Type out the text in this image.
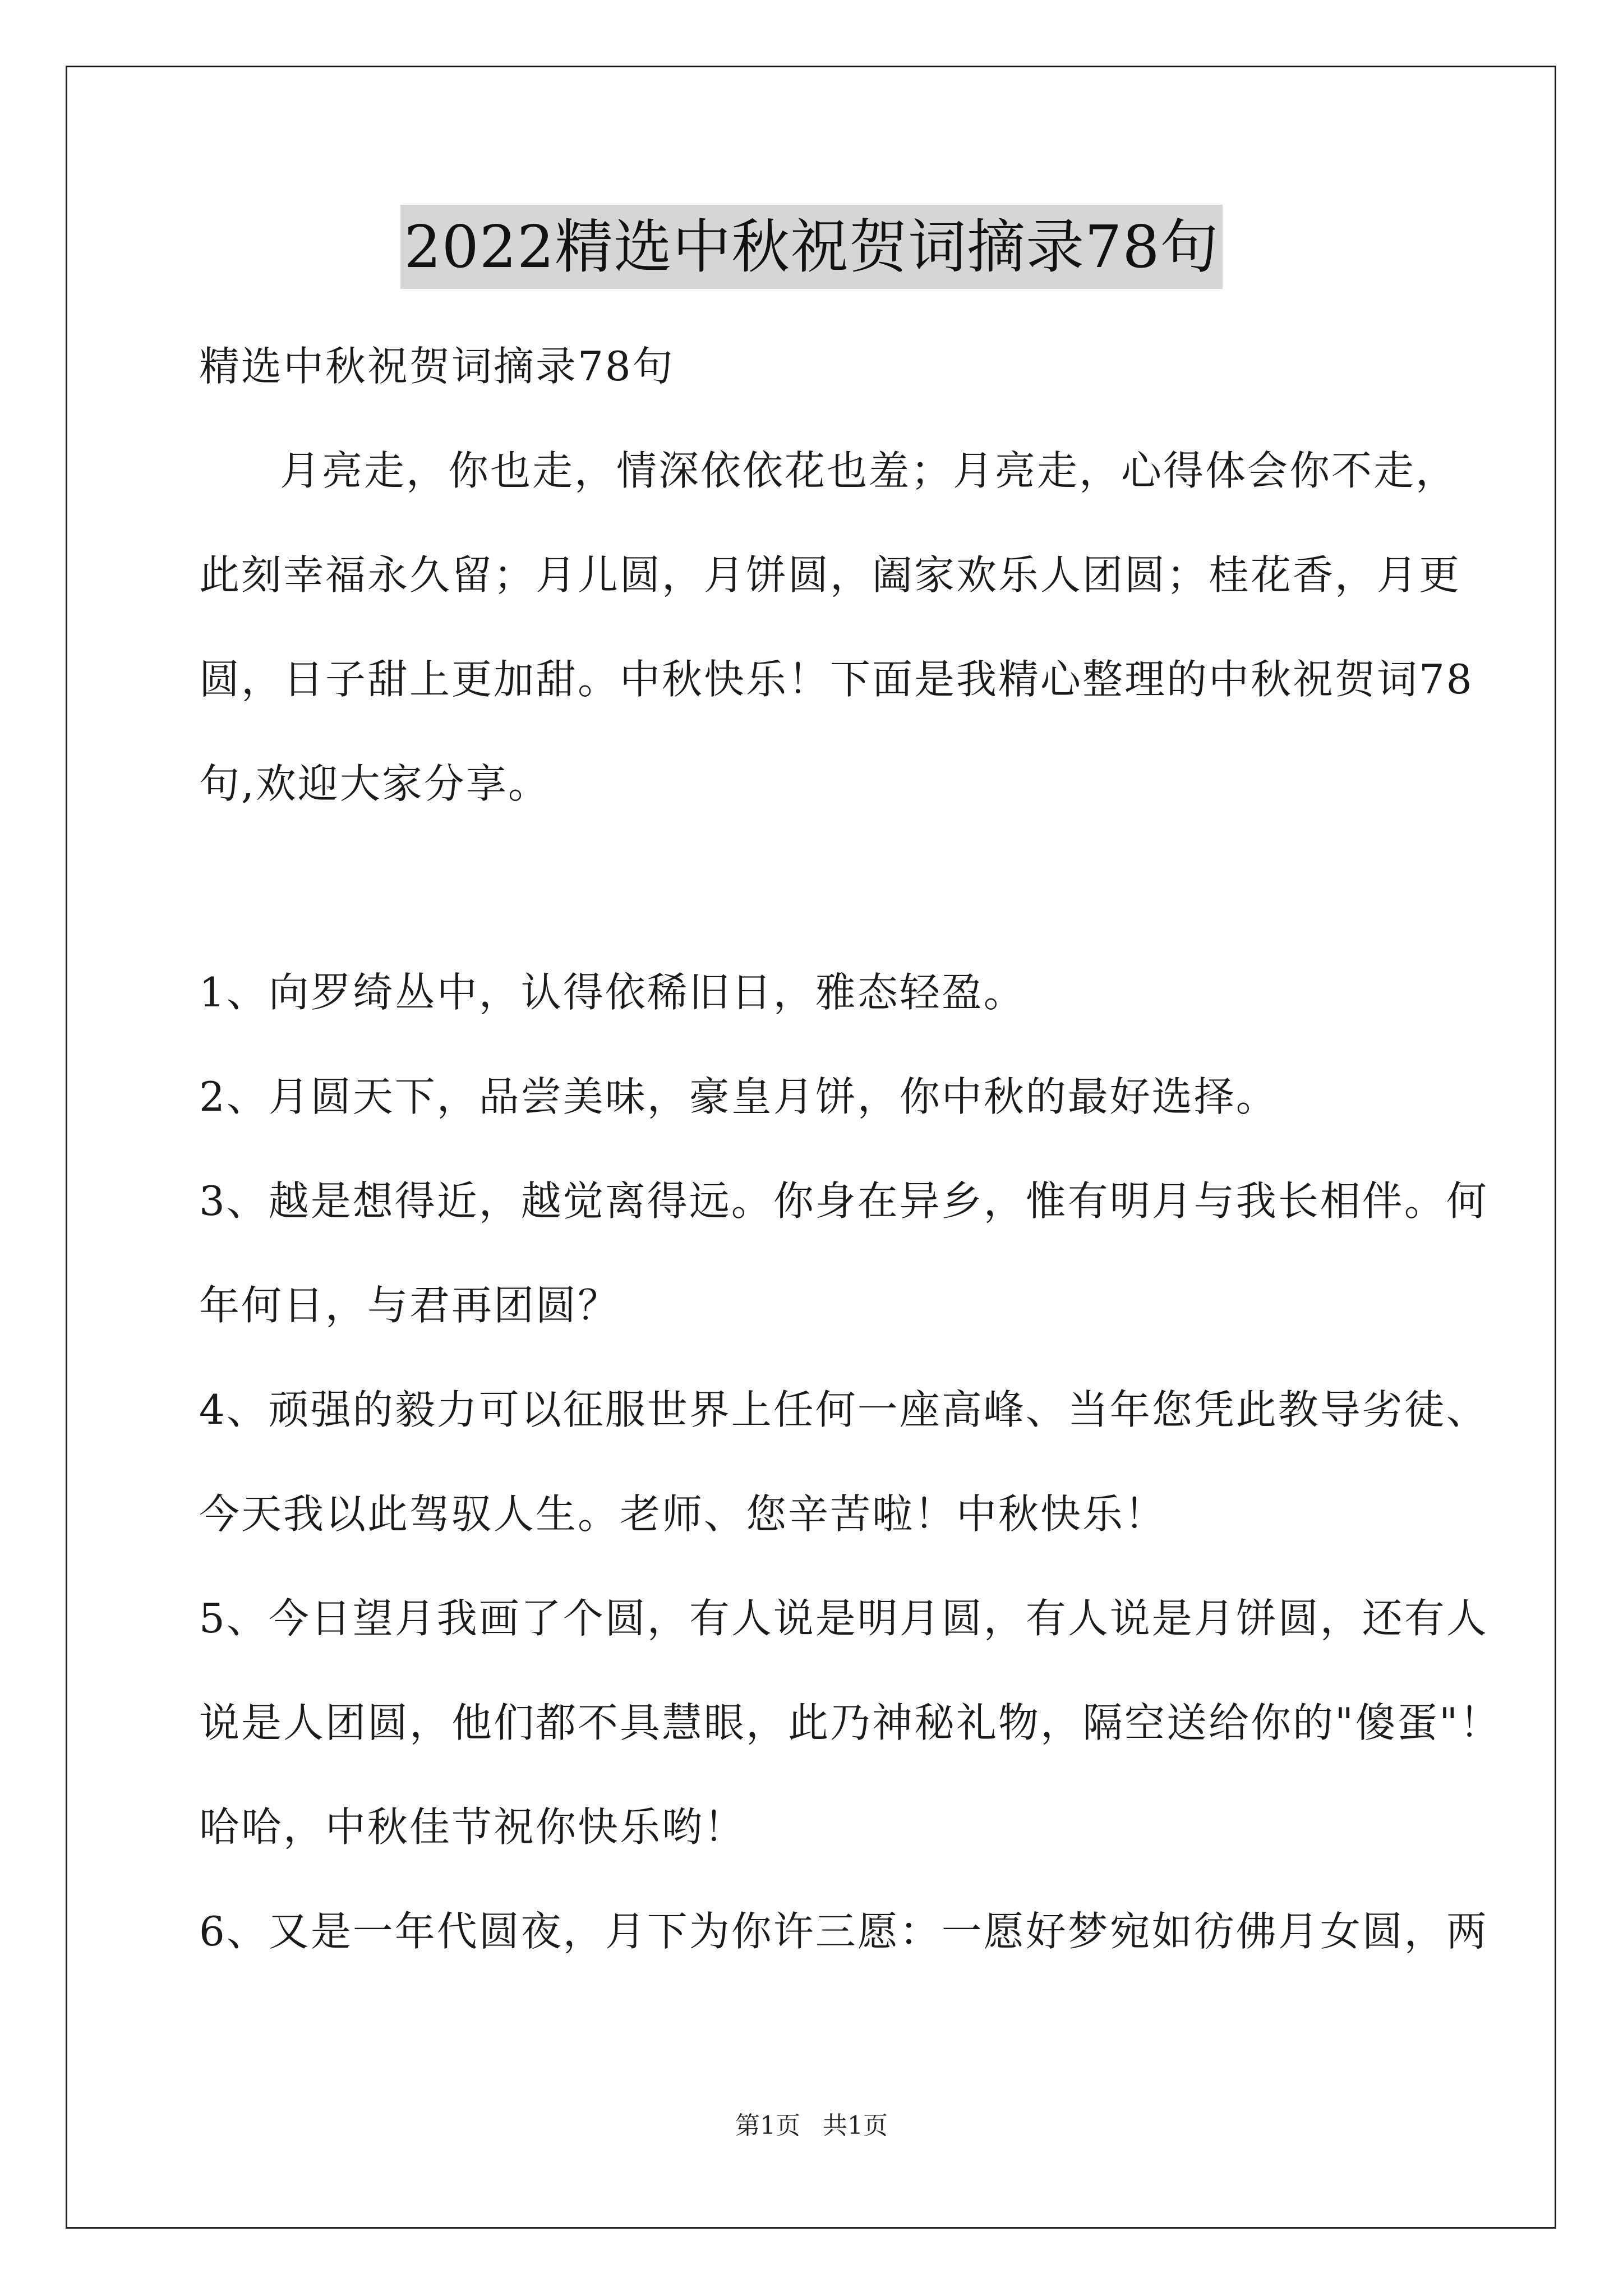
2022精选中秋祝贺词摘录78句
精选中秋祝贺词摘录78句
月亮走，你也走，情深依依花也羞；月亮走，心得体会你不走，
此刻幸福永久留；月儿圆，月饼圆，阖家欢乐人团圆；桂花香，月更
圆，日子甜上更加甜。中秋快乐！下面是我精心整理的中秋祝贺词78
句,欢迎大家分享。
1、向罗绮丛中，认得依稀旧日，雅态轻盈。
2、月圆天下，品尝美味，豪皇月饼，你中秋的最好选择。
3、越是想得近，越觉离得远。你身在异乡，惟有明月与我长相伴。何
年何日，与君再团圆？
4、顽强的毅力可以征服世界上任何一座高峰、当年您凭此教导劣徒、
今天我以此驾驭人生。老师、您辛苦啦！中秋快乐！
5、今日望月我画了个圆，有人说是明月圆，有人说是月饼圆，还有人
说是人团圆，他们都不具慧眼，此乃神秘礼物，隔空送给你的"傻蛋"！
哈哈，中秋佳节祝你快乐哟！
6、又是一年代圆夜，月下为你许三愿：一愿好梦宛如彷佛月女圆，两
第1页 共1页
